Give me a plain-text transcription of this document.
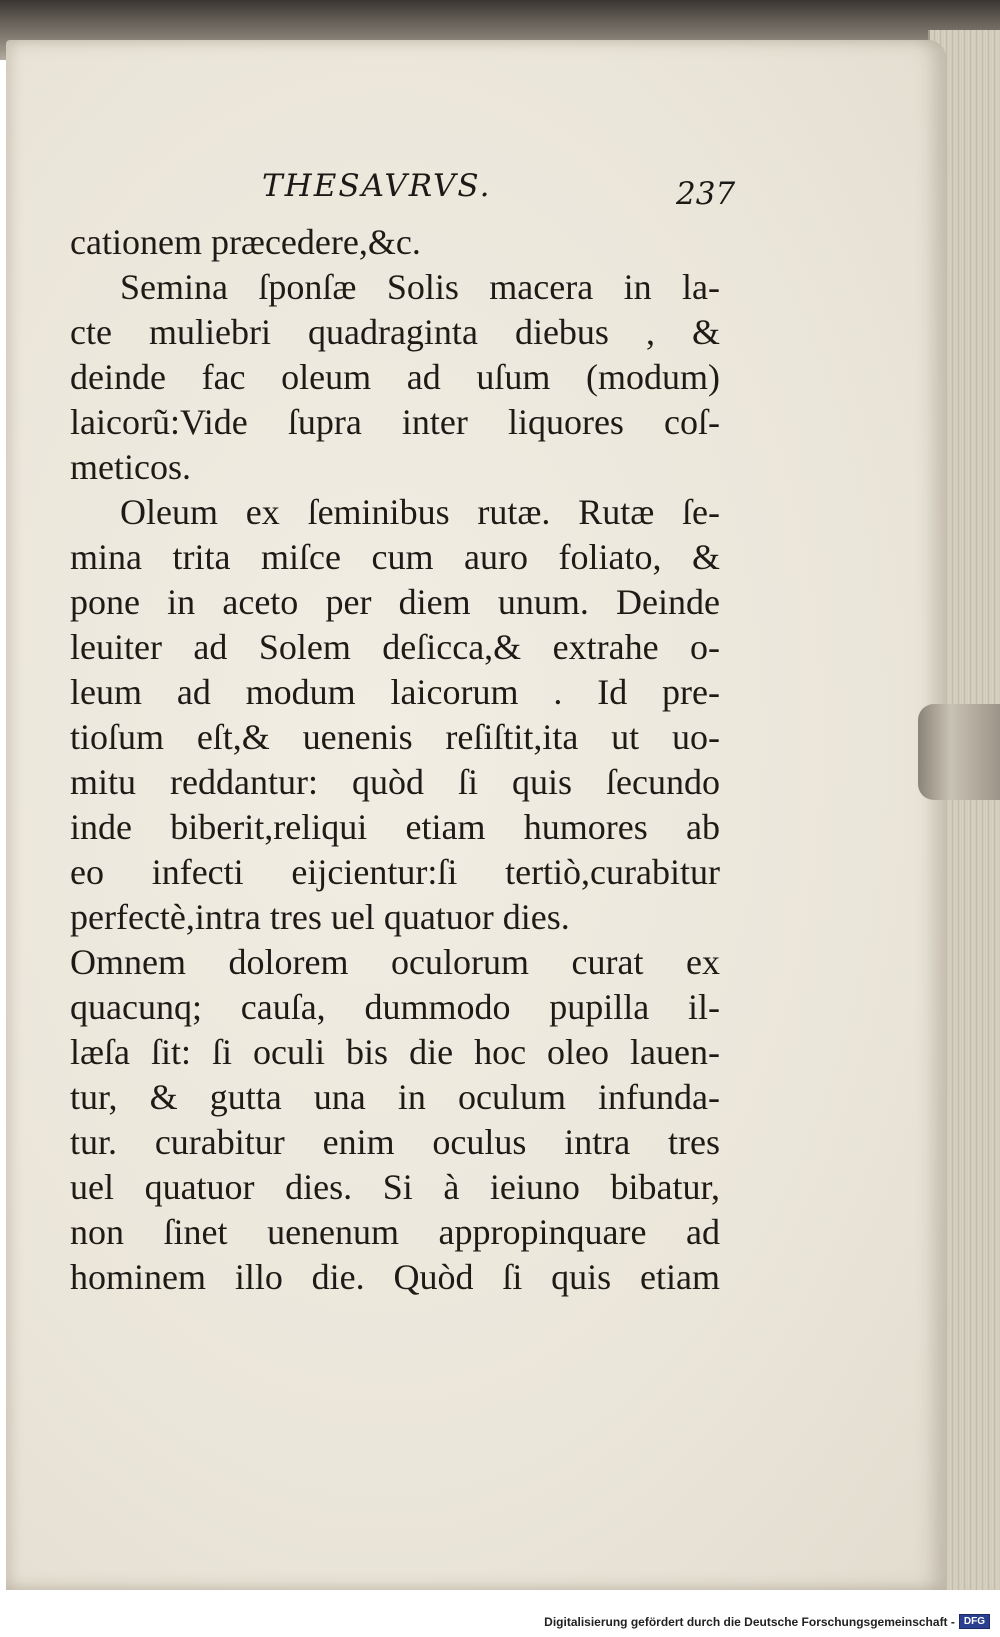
THESAVRVS.	237
cationem præcedere,&c.
Semina ſponſæ Solis macera in la-
cte muliebri quadraginta diebus , &
deinde fac oleum ad uſum (modum)
laicorũ:Vide ſupra inter liquores coſ-
meticos.
Oleum ex ſeminibus rutæ. Rutæ ſe-
mina trita miſce cum auro foliato, &
pone in aceto per diem unum. Deinde
leuiter ad Solem deſicca,& extrahe o-
leum ad modum laicorum . Id pre-
tioſum eſt,& uenenis reſiſtit,ita ut uo-
mitu reddantur: quòd ſi quis ſecundo
inde biberit,reliqui etiam humores ab
eo infecti eijcientur:ſi tertiò,curabitur
perfectè,intra tres uel quatuor dies.
Omnem dolorem oculorum curat ex
quacunq; cauſa, dummodo pupilla il-
læſa ſit: ſi oculi bis die hoc oleo lauen-
tur, & gutta una in oculum infunda-
tur. curabitur enim oculus intra tres
uel quatuor dies. Si à ieiuno bibatur,
non ſinet uenenum appropinquare ad
hominem illo die. Quòd ſi quis etiam
Digitalisierung gefördert durch die Deutsche Forschungsgemeinschaft - DFG
